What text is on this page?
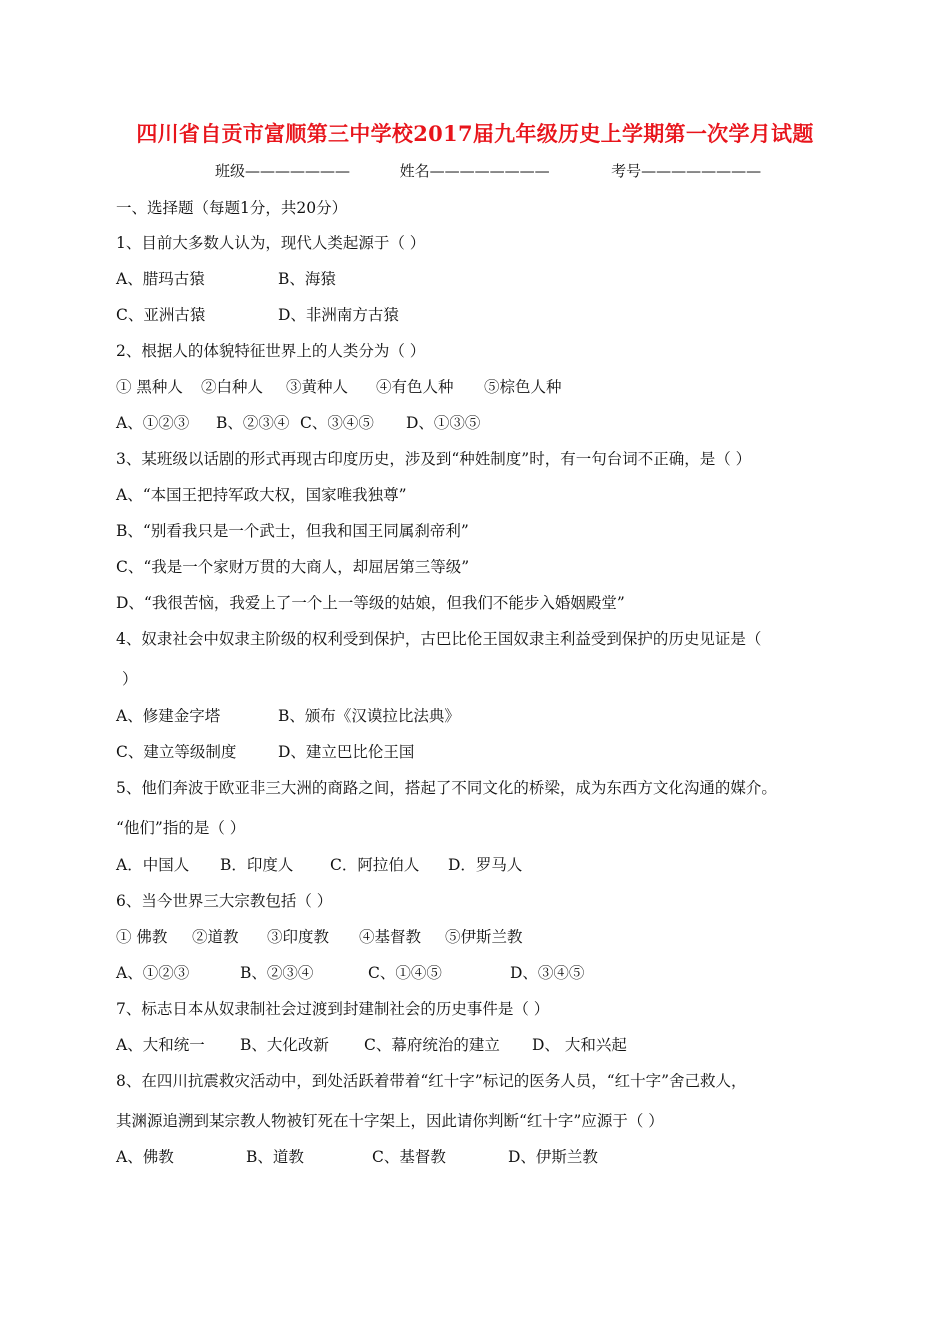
四川省自贡市富顺第三中学校2017届九年级历史上学期第一次学月试题
班级———————	姓名————————	考号————————
一、选择题（每题1分，共20分）
1、目前大多数人认为，现代人类起源于（ ）
A、腊玛古猿	B、海猿
C、亚洲古猿	D、非洲南方古猿
2、根据人的体貌特征世界上的人类分为（ ）
① 黑种人 ②白种人 ③黄种人 ④有色人种 ⑤棕色人种
A、①②③ B、②③④ C、③④⑤ D、①③⑤
3、某班级以话剧的形式再现古印度历史，涉及到“种姓制度”时，有一句台词不正确，是（ ）
A、“本国王把持军政大权，国家唯我独尊”
B、“别看我只是一个武士，但我和国王同属刹帝利”
C、“我是一个家财万贯的大商人，却屈居第三等级”
D、“我很苦恼，我爱上了一个上一等级的姑娘，但我们不能步入婚姻殿堂”
4、奴隶社会中奴隶主阶级的权利受到保护，古巴比伦王国奴隶主利益受到保护的历史见证是（
）
A、修建金字塔	B、颁布《汉谟拉比法典》
C、建立等级制度	D、建立巴比伦王国
5、他们奔波于欧亚非三大洲的商路之间，搭起了不同文化的桥梁，成为东西方文化沟通的媒介。
“他们”指的是（ ）
A．中国人 B．印度人 C．阿拉伯人 D．罗马人
6、当今世界三大宗教包括（ ）
① 佛教 ②道教 ③印度教 ④基督教 ⑤伊斯兰教
A、①②③	B、②③④	C、①④⑤	D、③④⑤
7、标志日本从奴隶制社会过渡到封建制社会的历史事件是（ ）
A、大和统一 B、大化改新 C、幕府统治的建立 D、 大和兴起
8、在四川抗震救灾活动中，到处活跃着带着“红十字”标记的医务人员，“红十字”舍己救人，
其渊源追溯到某宗教人物被钉死在十字架上，因此请你判断“红十字”应源于（ ）
A、佛教	B、道教	C、基督教	D、伊斯兰教
